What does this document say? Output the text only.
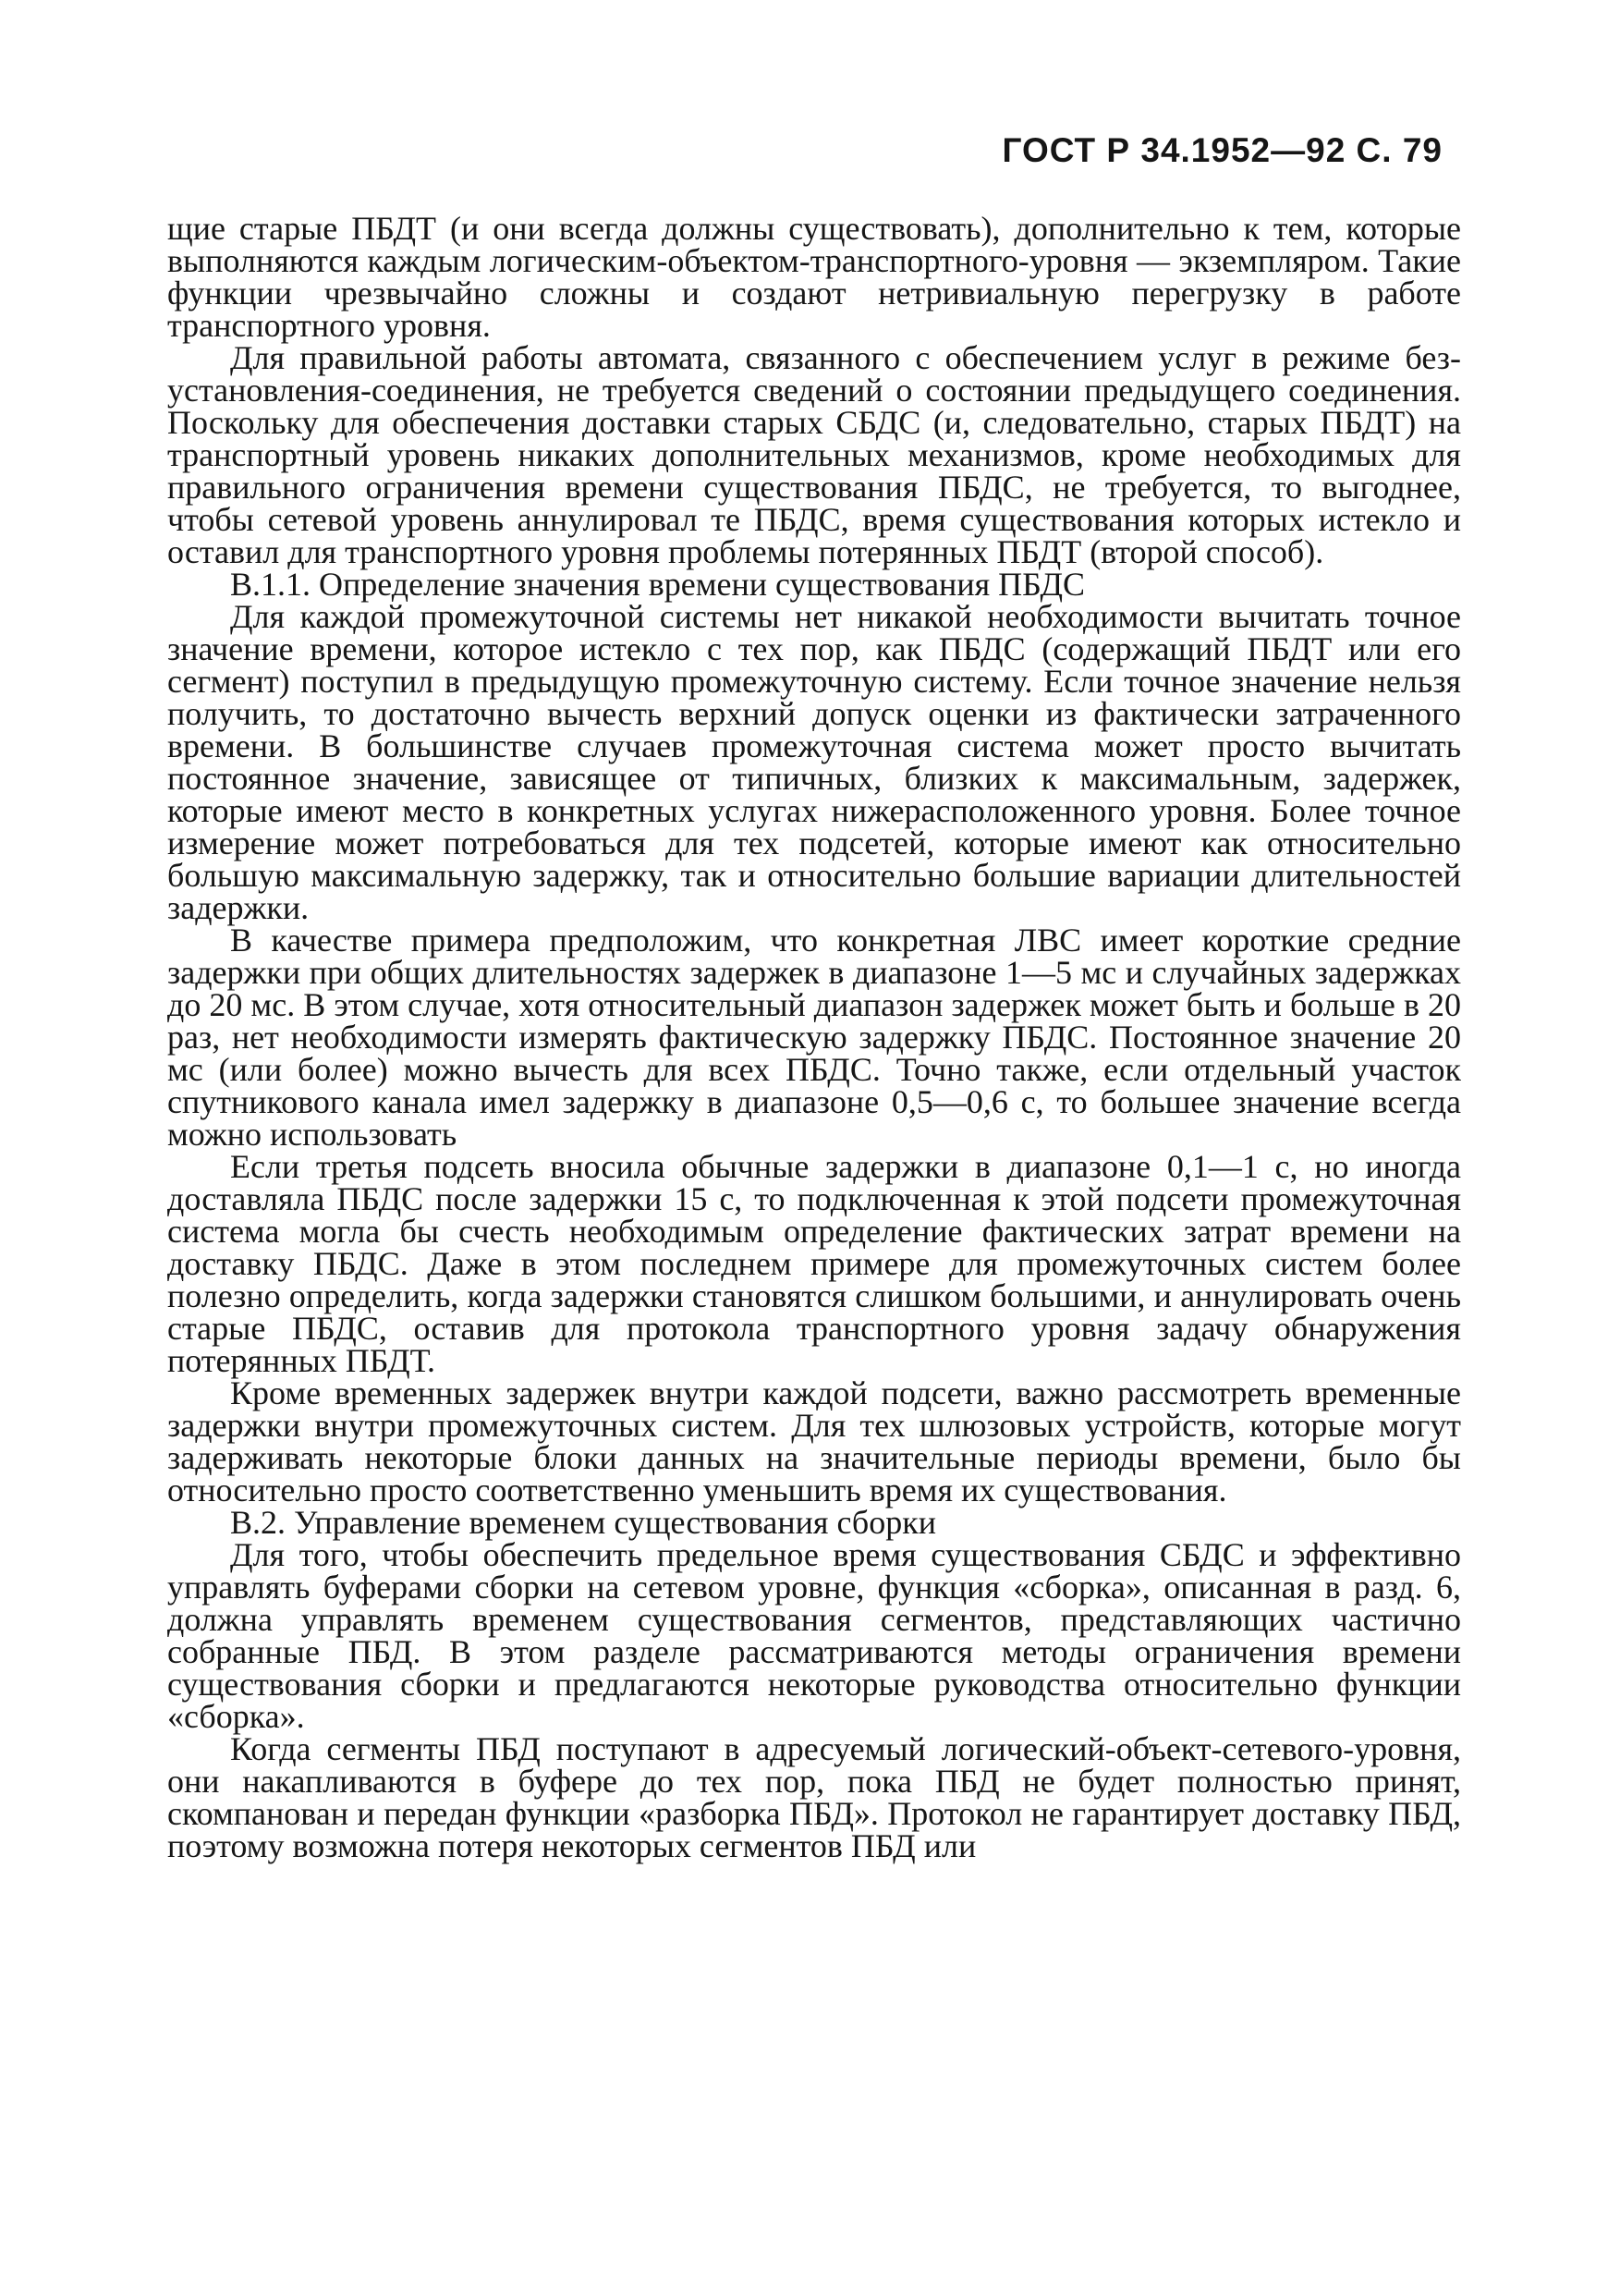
ГОСТ Р 34.1952—92 С. 79

щие старые ПБДТ (и они всегда должны существовать), дополнительно к тем, которые выполняются каждым логическим-объектом-транспортного-уровня — экземпляром. Такие функции чрезвычайно сложны и создают нетривиальную перегрузку в работе транспортного уровня.

Для правильной работы автомата, связанного с обеспечением услуг в режиме без-установления-соединения, не требуется сведений о состоянии предыдущего соединения. Поскольку для обеспечения доставки старых СБДС (и, следовательно, старых ПБДТ) на транспортный уровень никаких дополнительных механизмов, кроме необходимых для правильного ограничения времени существования ПБДС, не требуется, то выгоднее, чтобы сетевой уровень аннулировал те ПБДС, время существования которых истекло и оставил для транспортного уровня проблемы потерянных ПБДТ (второй способ).

В.1.1. Определение значения времени существования ПБДС

Для каждой промежуточной системы нет никакой необходимости вычитать точное значение времени, которое истекло с тех пор, как ПБДС (содержащий ПБДТ или его сегмент) поступил в предыдущую промежуточную систему. Если точное значение нельзя получить, то достаточно вычесть верхний допуск оценки из фактически затраченного времени. В большинстве случаев промежуточная система может просто вычитать постоянное значение, зависящее от типичных, близких к максимальным, задержек, которые имеют место в конкретных услугах нижерасположенного уровня. Более точное измерение может потребоваться для тех подсетей, которые имеют как относительно большую максимальную задержку, так и относительно большие вариации длительностей задержки.

В качестве примера предположим, что конкретная ЛВС имеет короткие средние задержки при общих длительностях задержек в диапазоне 1—5 мс и случайных задержках до 20 мс. В этом случае, хотя относительный диапазон задержек может быть и больше в 20 раз, нет необходимости измерять фактическую задержку ПБДС. Постоянное значение 20 мс (или более) можно вычесть для всех ПБДС. Точно также, если отдельный участок спутникового канала имел задержку в диапазоне 0,5—0,6 с, то большее значение всегда можно использовать

Если третья подсеть вносила обычные задержки в диапазоне 0,1—1 с, но иногда доставляла ПБДС после задержки 15 с, то подключенная к этой подсети промежуточная система могла бы счесть необходимым определение фактических затрат времени на доставку ПБДС. Даже в этом последнем примере для промежуточных систем более полезно определить, когда задержки становятся слишком большими, и аннулировать очень старые ПБДС, оставив для протокола транспортного уровня задачу обнаружения потерянных ПБДТ.

Кроме временных задержек внутри каждой подсети, важно рассмотреть временные задержки внутри промежуточных систем. Для тех шлюзовых устройств, которые могут задерживать некоторые блоки данных на значительные периоды времени, было бы относительно просто соответственно уменьшить время их существования.

В.2. Управление временем существования сборки

Для того, чтобы обеспечить предельное время существования СБДС и эффективно управлять буферами сборки на сетевом уровне, функция «сборка», описанная в разд. 6, должна управлять временем существования сегментов, представляющих частично собранные ПБД. В этом разделе рассматриваются методы ограничения времени существования сборки и предлагаются некоторые руководства относительно функции «сборка».

Когда сегменты ПБД поступают в адресуемый логический-объект-сетевого-уровня, они накапливаются в буфере до тех пор, пока ПБД не будет полностью принят, скомпанован и передан функции «разборка ПБД». Протокол не гарантирует доставку ПБД, поэтому возможна потеря некоторых сегментов ПБД или
